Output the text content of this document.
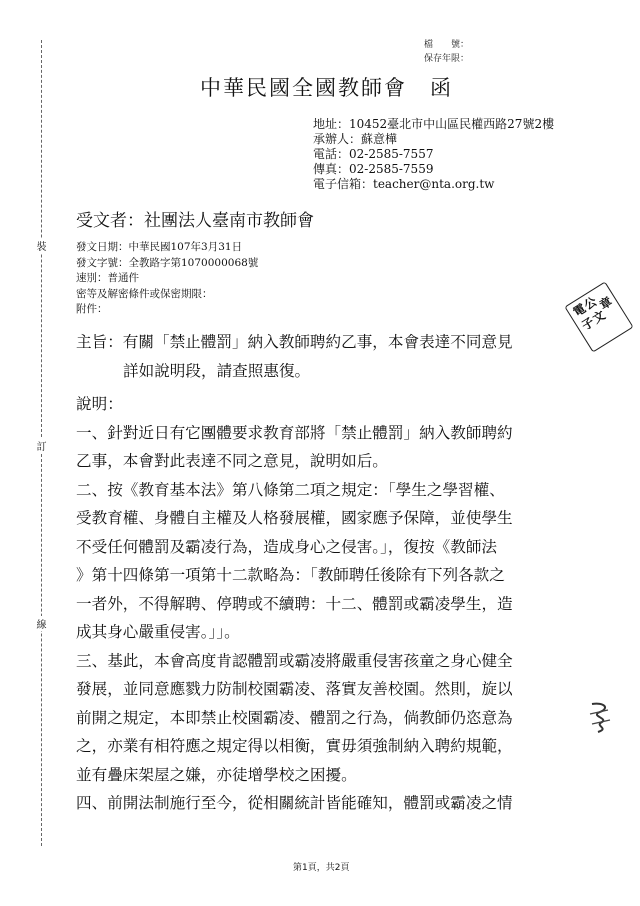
檔　　號：
保存年限：
中華民國全國教師會　函
地址：10452臺北市中山區民權西路27號2樓
承辦人：蘇意樺
電話：02-2585-7557
傳真：02-2585-7559
電子信箱：teacher@nta.org.tw
受文者：社團法人臺南市教師會
發文日期：中華民國107年3月31日
發文字號：全教路字第1070000068號
速別：普通件
密等及解密條件或保密期限：
附件：
裝
訂
線
電
子
公
文
章
主旨：有關「禁止體罰」納入教師聘約乙事，本會表達不同意見
詳如說明段，請查照惠復。
說明：
一、針對近日有它團體要求教育部將「禁止體罰」納入教師聘約
乙事，本會對此表達不同之意見，說明如后。
二、按《教育基本法》第八條第二項之規定：「學生之學習權、
受教育權、身體自主權及人格發展權，國家應予保障，並使學生
不受任何體罰及霸凌行為，造成身心之侵害。」，復按《教師法
》第十四條第一項第十二款略為：「教師聘任後除有下列各款之
一者外，不得解聘、停聘或不續聘：十二、體罰或霸凌學生，造
成其身心嚴重侵害。」」。
三、基此，本會高度肯認體罰或霸凌將嚴重侵害孩童之身心健全
發展，並同意應戮力防制校園霸凌、落實友善校園。然則，旋以
前開之規定，本即禁止校園霸凌、體罰之行為，倘教師仍恣意為
之，亦業有相符應之規定得以相衡，實毋須強制納入聘約規範，
並有疊床架屋之嫌，亦徒增學校之困擾。
四、前開法制施行至今，從相關統計皆能確知，體罰或霸凌之情
第1頁，共2頁
